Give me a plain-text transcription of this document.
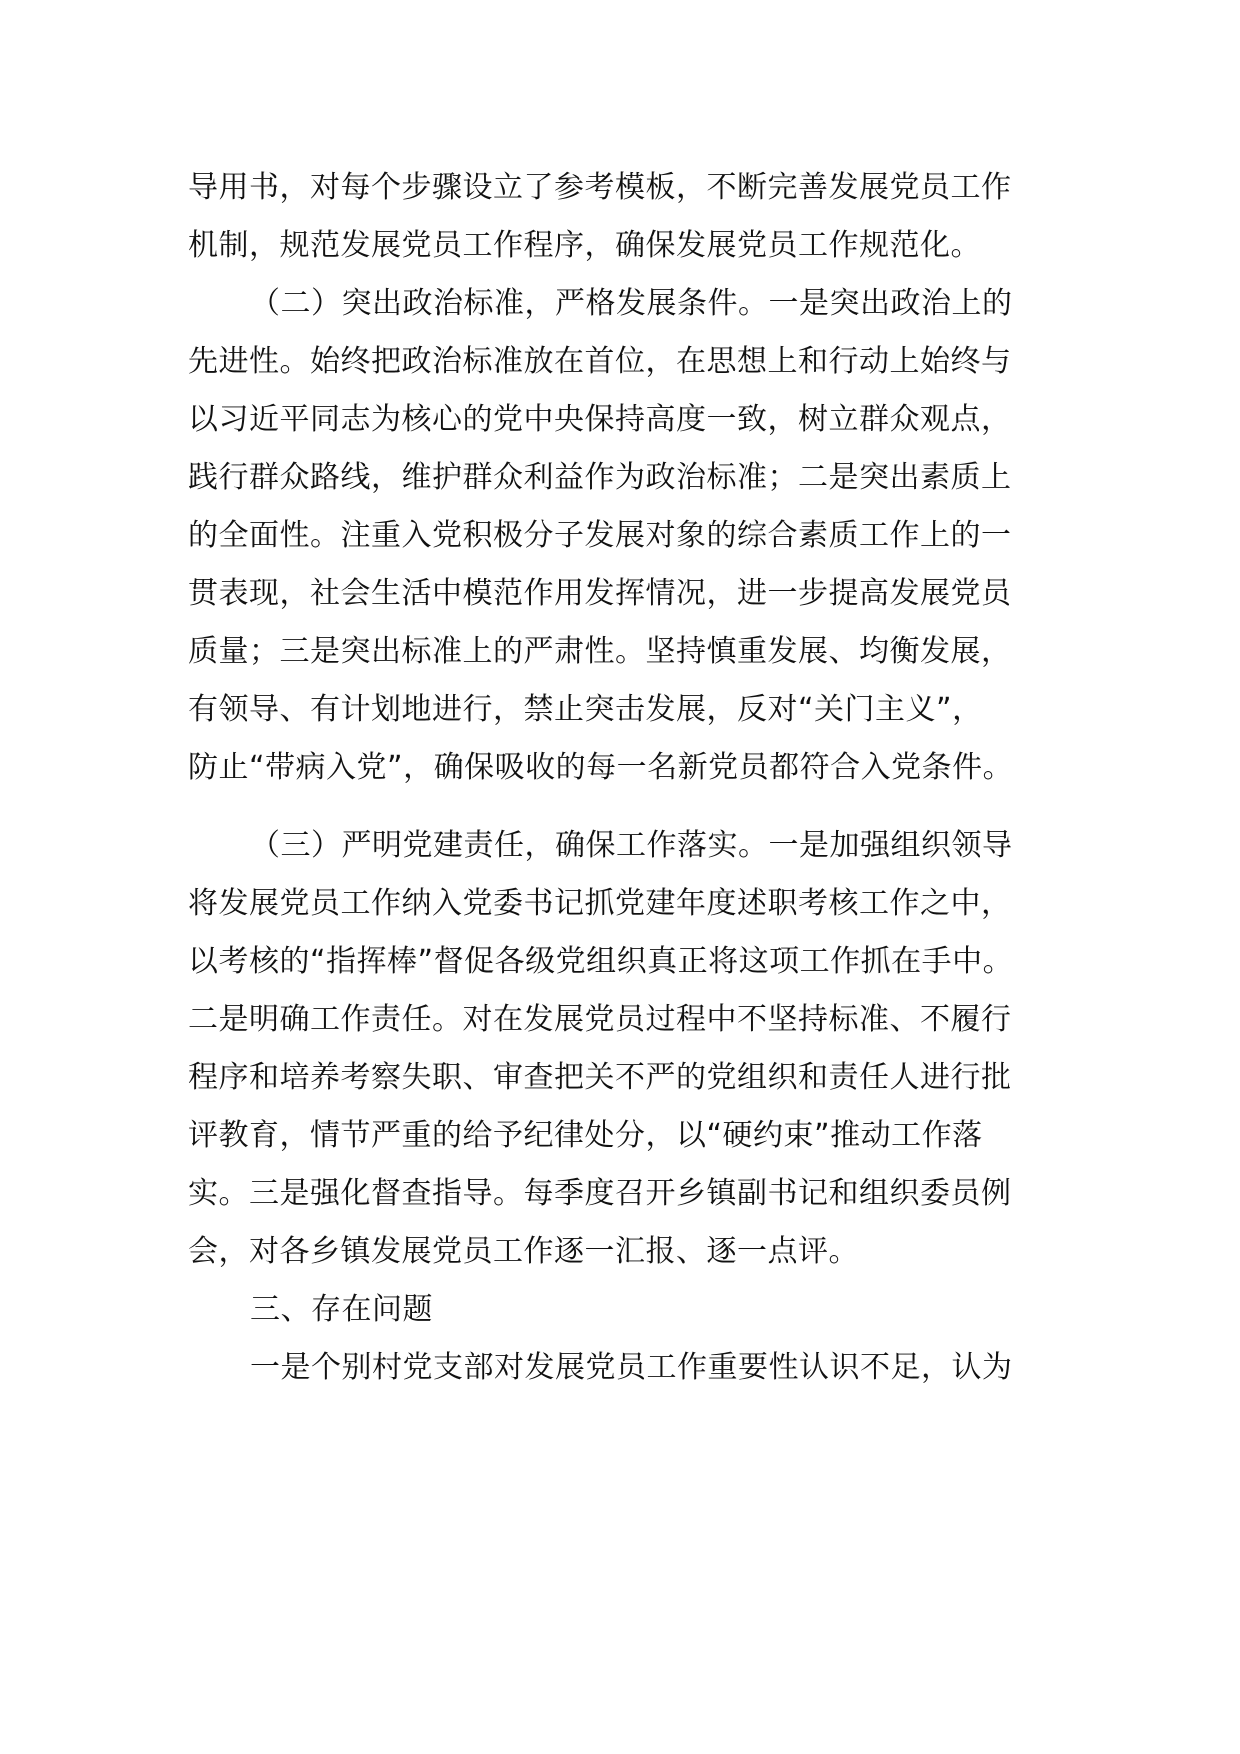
导用书，对每个步骤设立了参考模板，不断完善发展党员工作
机制，规范发展党员工作程序，确保发展党员工作规范化。
（二）突出政治标准，严格发展条件。一是突出政治上的
先进性。始终把政治标准放在首位，在思想上和行动上始终与
以习近平同志为核心的党中央保持高度一致，树立群众观点，
践行群众路线，维护群众利益作为政治标准；二是突出素质上
的全面性。注重入党积极分子发展对象的综合素质工作上的一
贯表现，社会生活中模范作用发挥情况，进一步提高发展党员
质量；三是突出标准上的严肃性。坚持慎重发展、均衡发展，
有领导、有计划地进行，禁止突击发展，反对“关门主义”，
防止“带病入党”，确保吸收的每一名新党员都符合入党条件。
（三）严明党建责任，确保工作落实。一是加强组织领导
将发展党员工作纳入党委书记抓党建年度述职考核工作之中，
以考核的“指挥棒”督促各级党组织真正将这项工作抓在手中。
二是明确工作责任。对在发展党员过程中不坚持标准、不履行
程序和培养考察失职、审查把关不严的党组织和责任人进行批
评教育，情节严重的给予纪律处分，以“硬约束”推动工作落
实。三是强化督查指导。每季度召开乡镇副书记和组织委员例
会，对各乡镇发展党员工作逐一汇报、逐一点评。
三、存在问题
一是个别村党支部对发展党员工作重要性认识不足，认为
